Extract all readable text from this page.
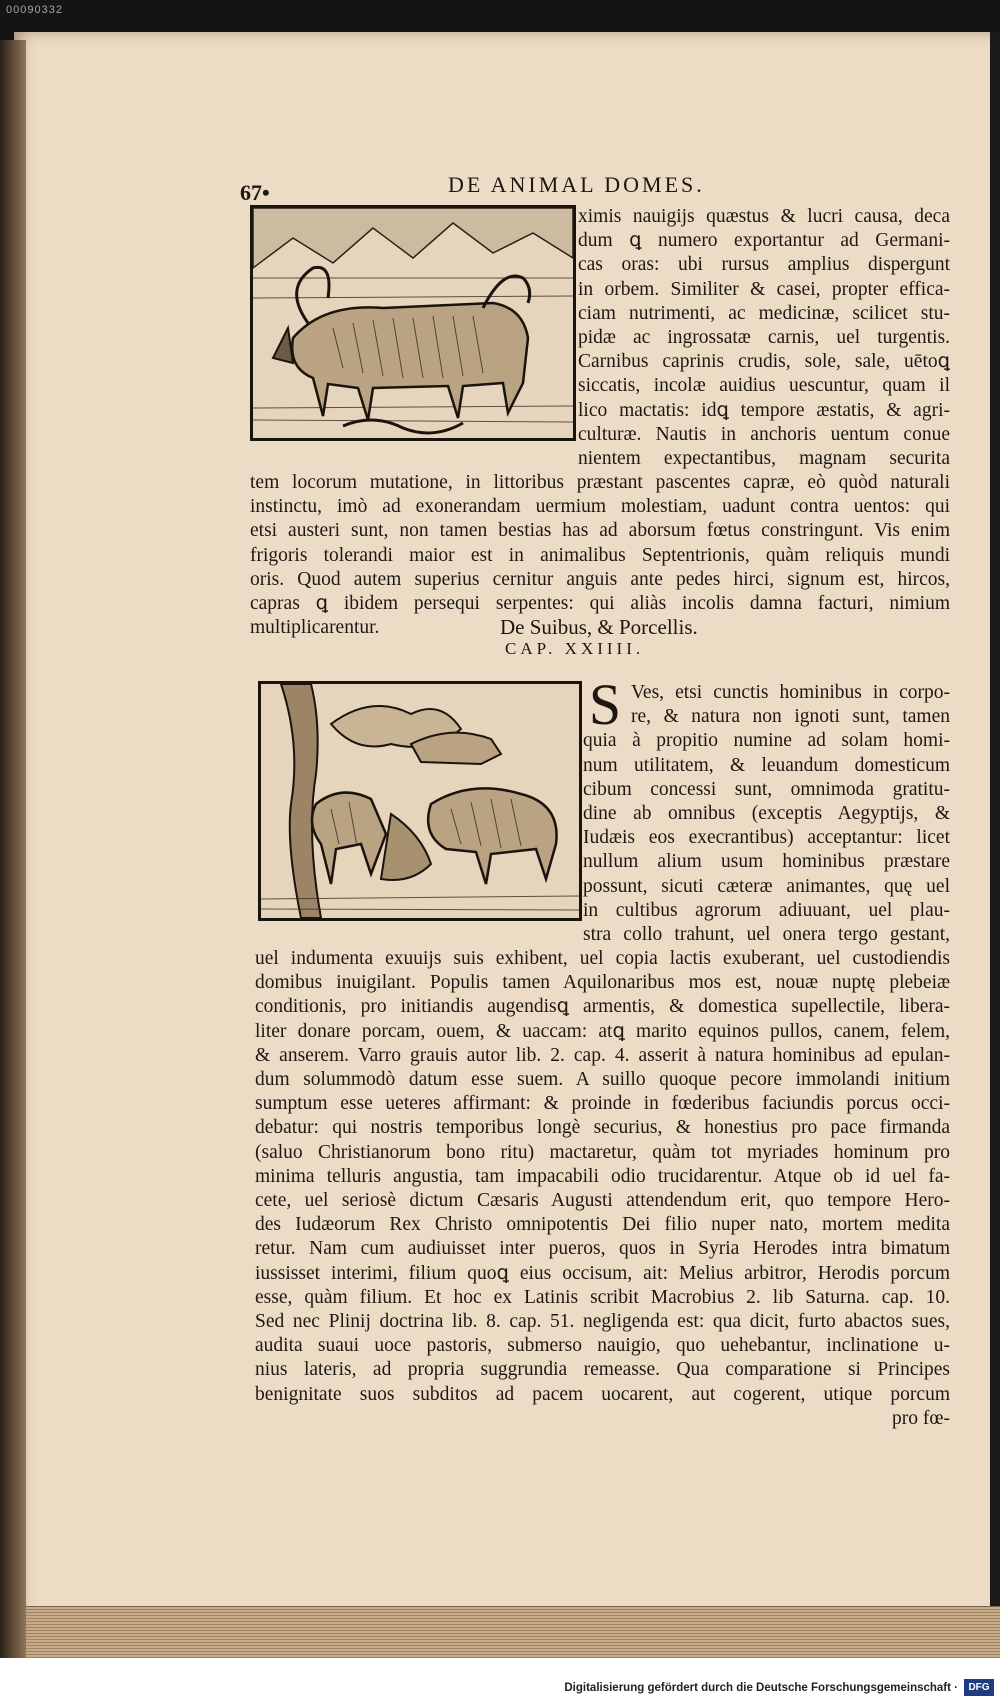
00090332

67•	DE ANIMAL DOMES.

ximis nauigijs quæstus & lucri causa, deca
dum ꝗ numero exportantur ad Germani-
cas oras: ubi rursus amplius dispergunt
in orbem. Similiter & casei, propter effica-
ciam nutrimenti, ac medicinæ, scilicet stu-
pidæ ac ingrossatæ carnis, uel turgentis.
Carnibus caprinis crudis, sole, sale, uētoꝗ
siccatis, incolæ auidius uescuntur, quam il
lico mactatis: idꝗ tempore æstatis, & agri-
culturæ. Nautis in anchoris uentum conue
nientem expectantibus, magnam securita
tem locorum mutatione, in littoribus præstant pascentes capræ, eò quòd naturali
instinctu, imò ad exonerandam uermium molestiam, uadunt contra uentos: qui
etsi austeri sunt, non tamen bestias has ad aborsum fœtus constringunt. Vis enim
frigoris tolerandi maior est in animalibus Septentrionis, quàm reliquis mundi
oris. Quod autem superius cernitur anguis ante pedes hirci, signum est, hircos,
capras ꝗ ibidem persequi serpentes: qui aliàs incolis damna facturi, nimium
multiplicarentur.	De Suibus, & Porcellis.

CAP. XXIIII.

S Ves, etsi cunctis hominibus in corpo-
re, & natura non ignoti sunt, tamen
quia à propitio numine ad solam homi-
num utilitatem, & leuandum domesticum
cibum concessi sunt, omnimoda gratitu-
dine ab omnibus (exceptis Aegyptijs, &
Iudæis eos execrantibus) acceptantur: licet
nullum alium usum hominibus præstare
possunt, sicuti cæteræ animantes, quę uel
in cultibus agrorum adiuuant, uel plau-
stra collo trahunt, uel onera tergo gestant,
uel indumenta exuuijs suis exhibent, uel copia lactis exuberant, uel custodiendis
domibus inuigilant. Populis tamen Aquilonaribus mos est, nouæ nuptę plebeiæ
conditionis, pro initiandis augendisꝗ armentis, & domestica supellectile, libera-
liter donare porcam, ouem, & uaccam: atꝗ marito equinos pullos, canem, felem,
& anserem. Varro grauis autor lib. 2. cap. 4. asserit à natura hominibus ad epulan-
dum solummodò datum esse suem. A suillo quoque pecore immolandi initium
sumptum esse ueteres affirmant: & proinde in fœderibus faciundis porcus occi-
debatur: qui nostris temporibus longè securius, & honestius pro pace firmanda
(saluo Christianorum bono ritu) mactaretur, quàm tot myriades hominum pro
minima telluris angustia, tam impacabili odio trucidarentur. Atque ob id uel fa-
cete, uel seriosè dictum Cæsaris Augusti attendendum erit, quo tempore Hero-
des Iudæorum Rex Christo omnipotentis Dei filio nuper nato, mortem medita
retur. Nam cum audiuisset inter pueros, quos in Syria Herodes intra bimatum
iussisset interimi, filium quoꝗ eius occisum, ait: Melius arbitror, Herodis porcum
esse, quàm filium. Et hoc ex Latinis scribit Macrobius 2. lib Saturna. cap. 10.
Sed nec Plinij doctrina lib. 8. cap. 51. negligenda est: qua dicit, furto abactos sues,
audita suaui uoce pastoris, submerso nauigio, quo uehebantur, inclinatione u-
nius lateris, ad propria suggrundia remeasse. Qua comparatione si Principes
benignitate suos subditos ad pacem uocarent, aut cogerent, utique porcum
pro fœ-

Digitalisierung gefördert durch die Deutsche Forschungsgemeinschaft ·	DFG
